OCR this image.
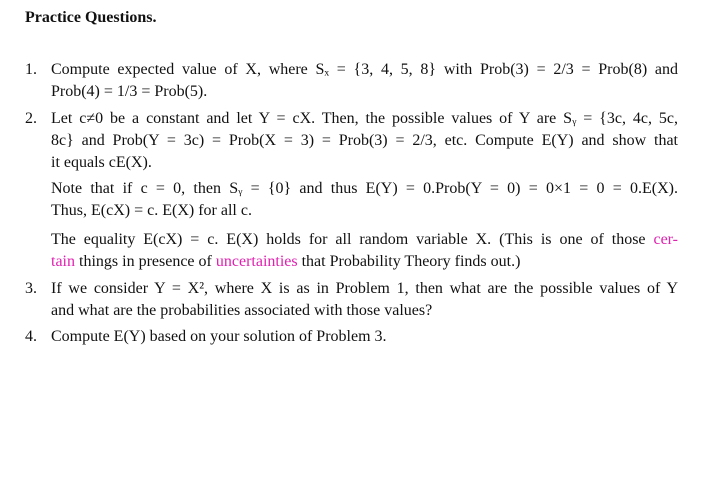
Practice Questions.
1. Compute expected value of X, where Sₓ = {3, 4, 5, 8} with Prob(3) = 2/3 = Prob(8) and
Prob(4) = 1/3 = Prob(5).
2. Let c≠0 be a constant and let Y = cX. Then, the possible values of Y are Sᵧ = {3c, 4c, 5c,
8c} and Prob(Y = 3c) = Prob(X = 3) = Prob(3) = 2/3, etc. Compute E(Y) and show that
it equals cE(X).
Note that if c = 0, then Sᵧ = {0} and thus E(Y) = 0.Prob(Y = 0) = 0×1 = 0 = 0.E(X).
Thus, E(cX) = c. E(X) for all c.
The equality E(cX) = c. E(X) holds for all random variable X. (This is one of those cer-
tain things in presence of uncertainties that Probability Theory finds out.)
3. If we consider Y = X², where X is as in Problem 1, then what are the possible values of Y
and what are the probabilities associated with those values?
4. Compute E(Y) based on your solution of Problem 3.
